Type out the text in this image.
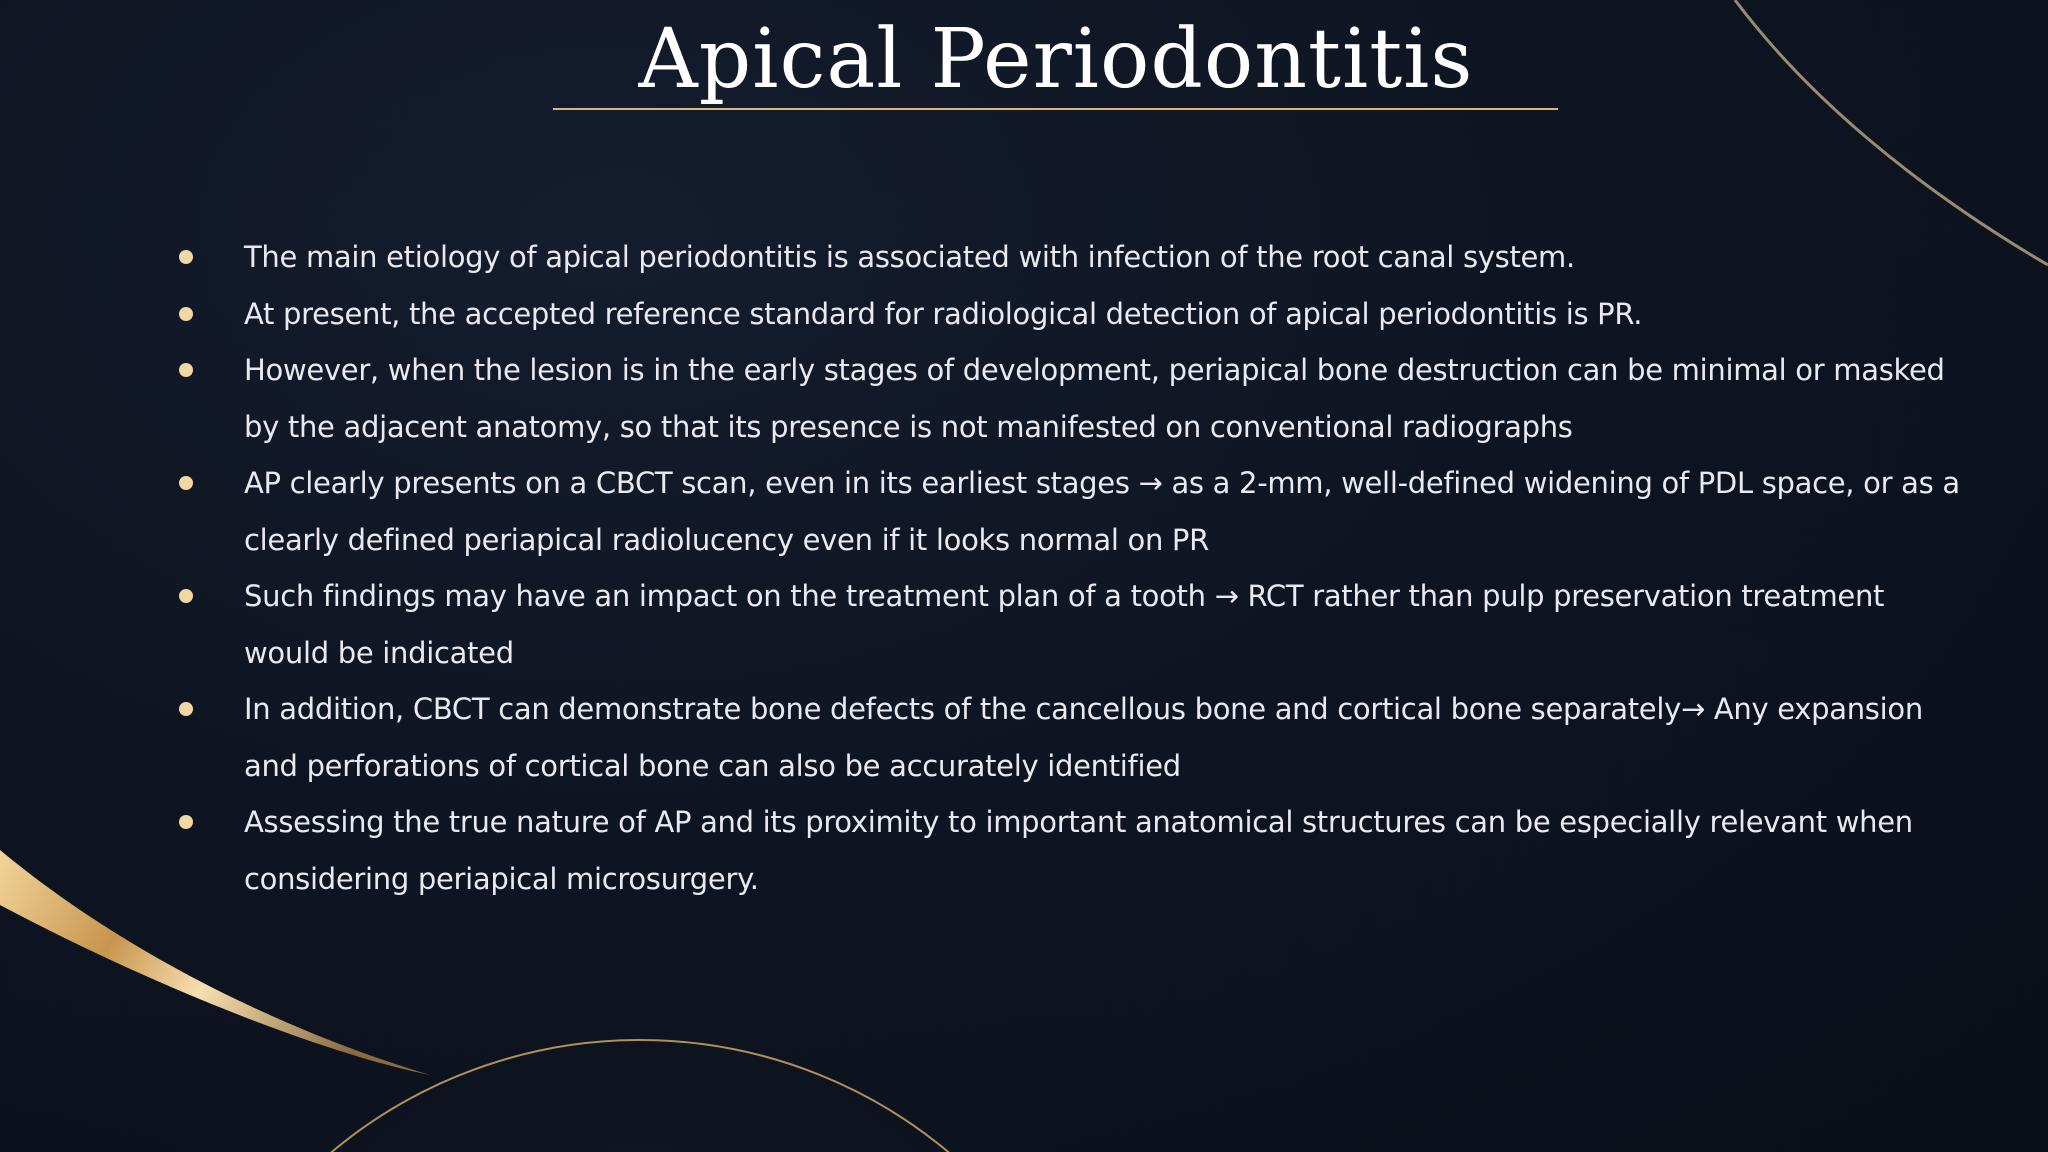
Apical Periodontitis
The main etiology of apical periodontitis is associated with infection of the root canal system.
At present, the accepted reference standard for radiological detection of apical periodontitis is PR.
However, when the lesion is in the early stages of development, periapical bone destruction can be minimal or masked by the adjacent anatomy, so that its presence is not manifested on conventional radiographs
AP clearly presents on a CBCT scan, even in its earliest stages → as a 2-mm, well-defined widening of PDL space, or as a clearly defined periapical radiolucency even if it looks normal on PR
Such findings may have an impact on the treatment plan of a tooth → RCT rather than pulp preservation treatment would be indicated
In addition, CBCT can demonstrate bone defects of the cancellous bone and cortical bone separately→ Any expansion and perforations of cortical bone can also be accurately identified
Assessing the true nature of AP and its proximity to important anatomical structures can be especially relevant when considering periapical microsurgery.
